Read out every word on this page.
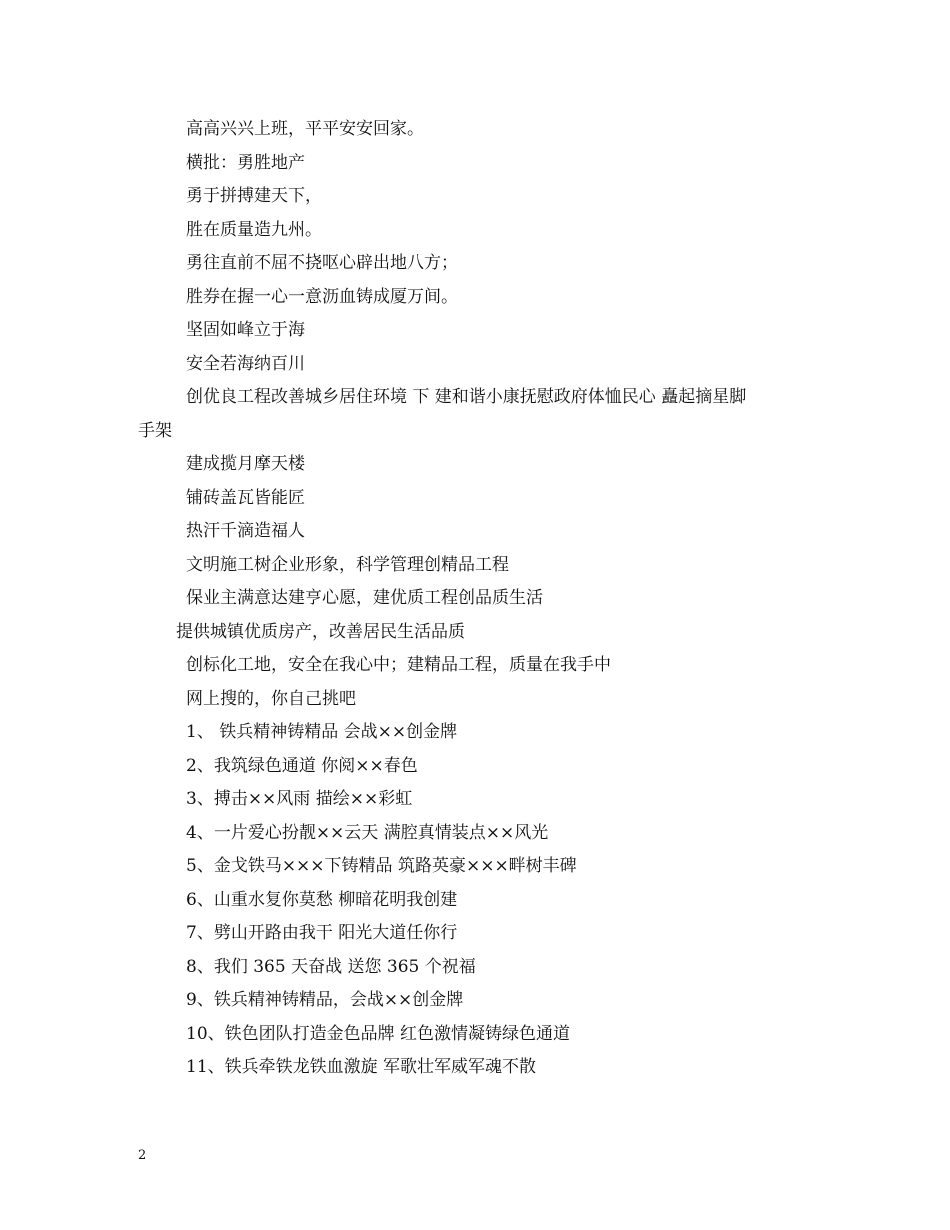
高高兴兴上班，平平安安回家。
横批：勇胜地产
勇于拼搏建天下，
胜在质量造九州。
勇往直前不屈不挠呕心辟出地八方；
胜券在握一心一意沥血铸成厦万间。
坚固如峰立于海
安全若海纳百川
创优良工程改善城乡居住环境 下 建和谐小康抚慰政府体恤民心 矗起摘星脚
手架
建成揽月摩天楼
铺砖盖瓦皆能匠
热汗千滴造福人
文明施工树企业形象，科学管理创精品工程
保业主满意达建亨心愿，建优质工程创品质生活
提供城镇优质房产，改善居民生活品质
创标化工地，安全在我心中；建精品工程，质量在我手中
网上搜的，你自己挑吧
1、 铁兵精神铸精品 会战××创金牌
2、我筑绿色通道 你阅××春色
3、搏击××风雨 描绘××彩虹
4、一片爱心扮靓××云天 满腔真情装点××风光
5、金戈铁马×××下铸精品 筑路英豪×××畔树丰碑
6、山重水复你莫愁 柳暗花明我创建
7、劈山开路由我干 阳光大道任你行
8、我们 365 天奋战 送您 365 个祝福
9、铁兵精神铸精品，会战××创金牌
10、铁色团队打造金色品牌 红色激情凝铸绿色通道
11、铁兵牵铁龙铁血激旋 军歌壮军威军魂不散
2
